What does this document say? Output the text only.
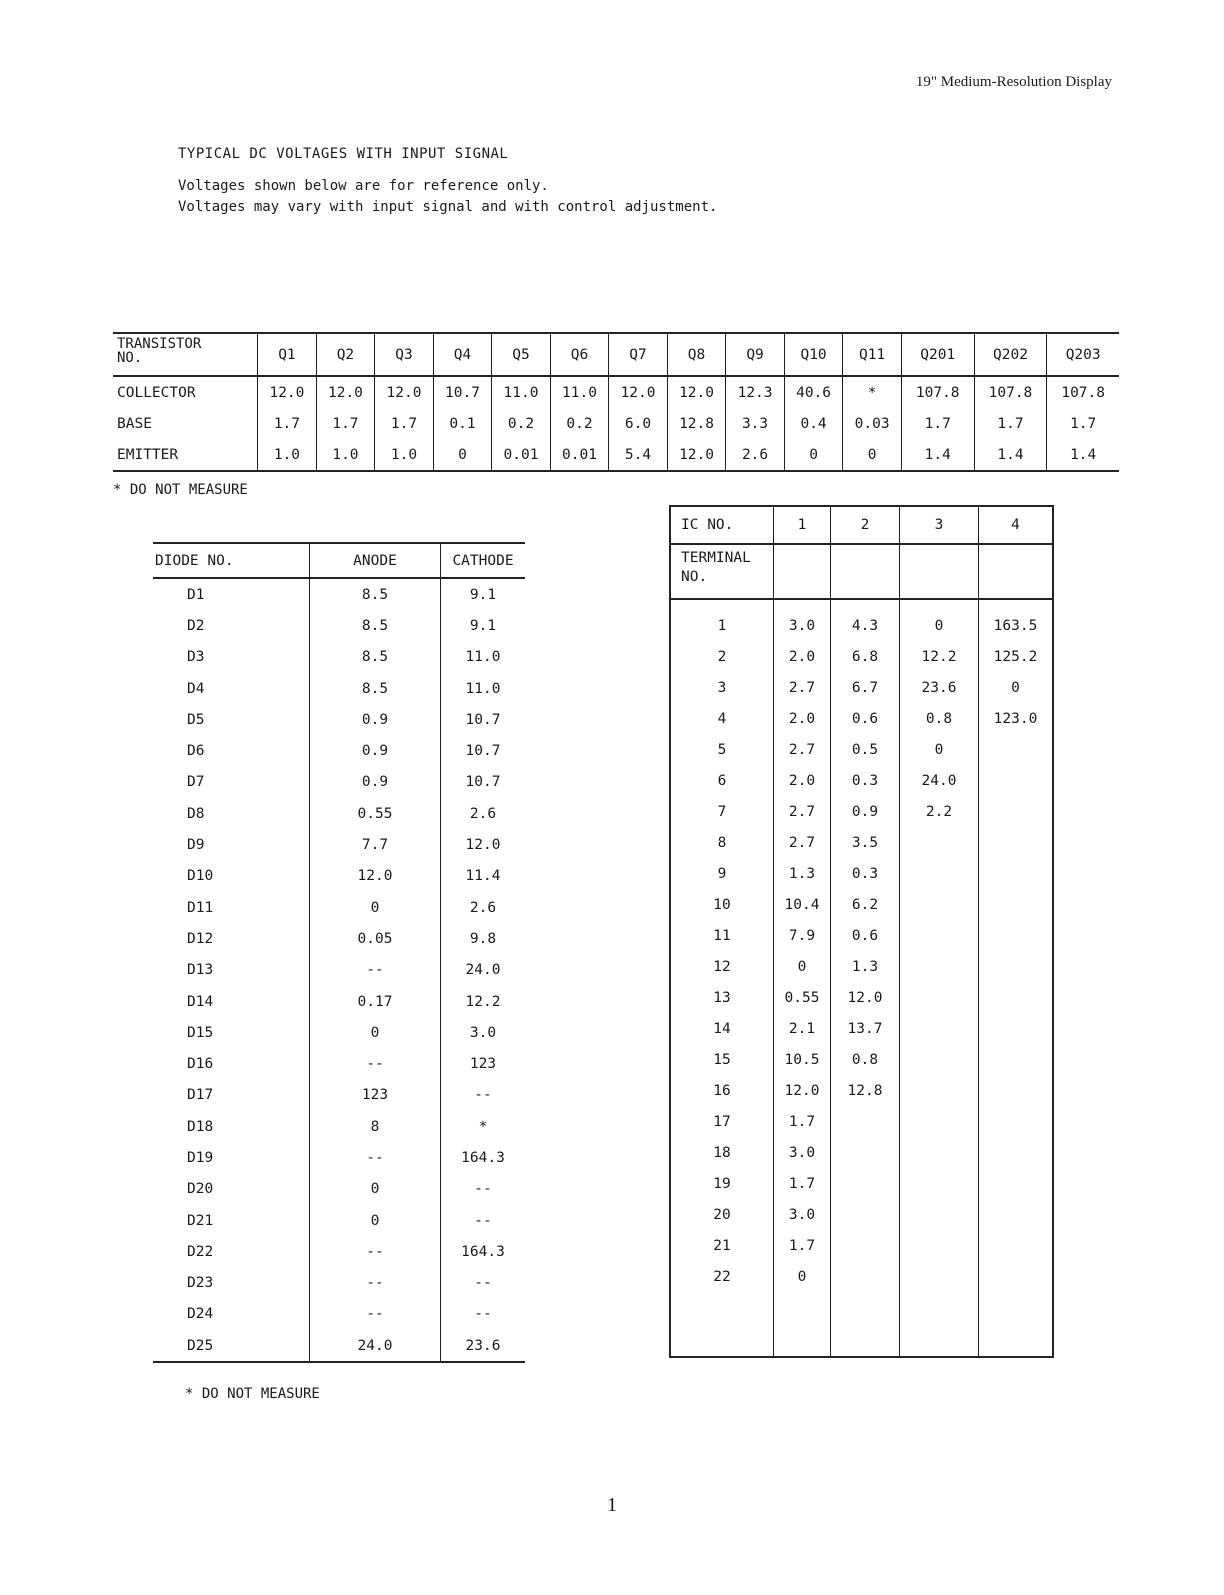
19" Medium-Resolution Display
TYPICAL DC VOLTAGES WITH INPUT SIGNAL
Voltages shown below are for reference only.
Voltages may vary with input signal and with control adjustment.
TRANSISTOR
NO.	Q1	Q2	Q3	Q4	Q5	Q6	Q7	Q8	Q9	Q10	Q11	Q201	Q202	Q203
COLLECTOR	12.0	12.0	12.0	10.7	11.0	11.0	12.0	12.0	12.3	40.6	*	107.8	107.8	107.8
BASE	1.7	1.7	1.7	0.1	0.2	0.2	6.0	12.8	3.3	0.4	0.03	1.7	1.7	1.7
EMITTER	1.0	1.0	1.0	0	0.01	0.01	5.4	12.0	2.6	0	0	1.4	1.4	1.4
* DO NOT MEASURE
DIODE NO.	ANODE	CATHODE
D1	8.5	9.1
D2	8.5	9.1
D3	8.5	11.0
D4	8.5	11.0
D5	0.9	10.7
D6	0.9	10.7
D7	0.9	10.7
D8	0.55	2.6
D9	7.7	12.0
D10	12.0	11.4
D11	0	2.6
D12	0.05	9.8
D13	--	24.0
D14	0.17	12.2
D15	0	3.0
D16	--	123
D17	123	--
D18	8	*
D19	--	164.3
D20	0	--
D21	0	--
D22	--	164.3
D23	--	--
D24	--	--
D25	24.0	23.6
* DO NOT MEASURE
IC NO.	1	2	3	4

TERMINAL
NO.				

1	3.0	4.3	0	163.5
2	2.0	6.8	12.2	125.2
3	2.7	6.7	23.6	0
4	2.0	0.6	0.8	123.0
5	2.7	0.5	0	
6	2.0	0.3	24.0	
7	2.7	0.9	2.2	
8	2.7	3.5		
9	1.3	0.3		
10	10.4	6.2		
11	7.9	0.6		
12	0	1.3		
13	0.55	12.0		
14	2.1	13.7		
15	10.5	0.8		
16	12.0	12.8		
17	1.7			
18	3.0			
19	1.7			
20	3.0			
21	1.7			
22	0			

1
